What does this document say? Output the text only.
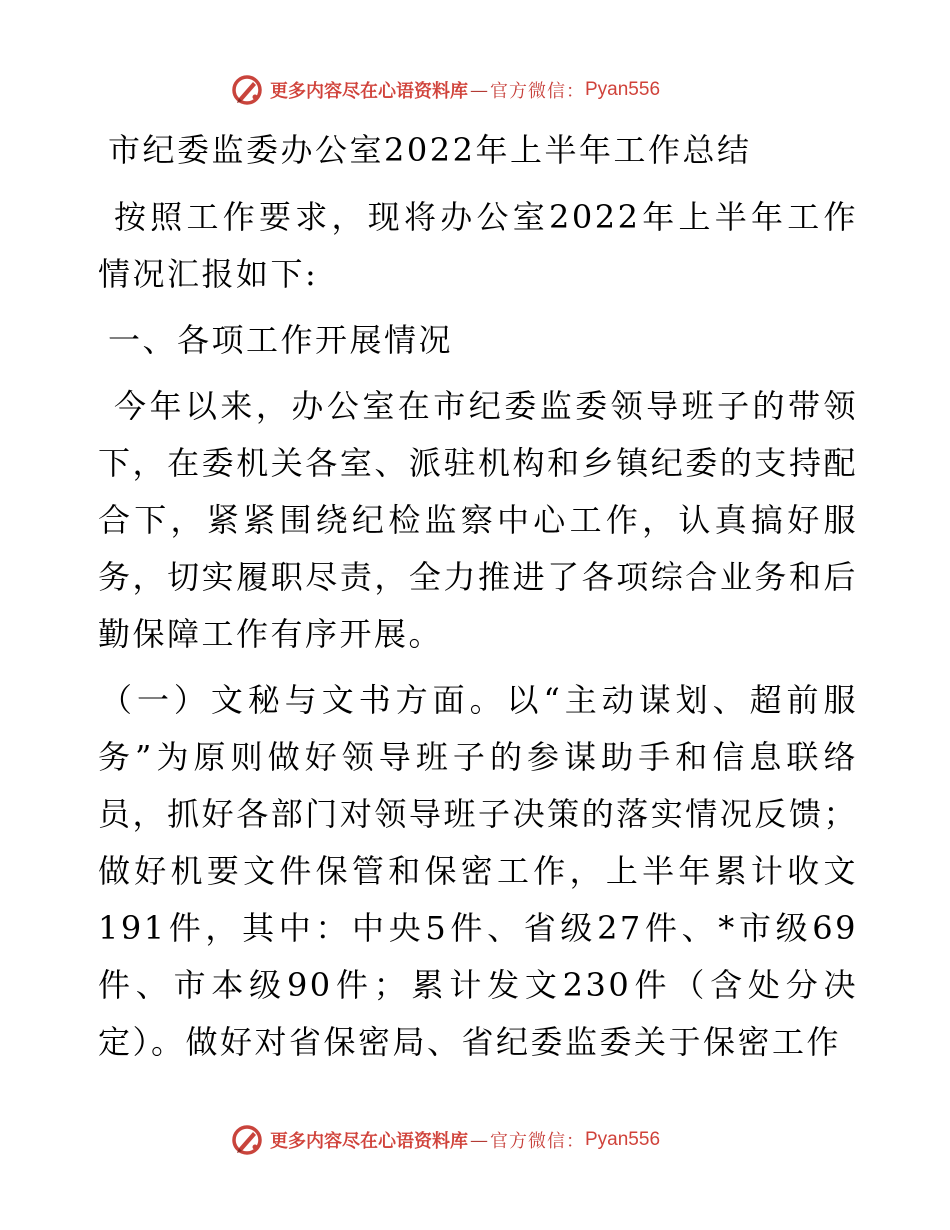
更多内容尽在心语资料库 — 官方微信： Pyan556

市纪委监委办公室2022年上半年工作总结

按照工作要求，现将办公室2022年上半年工作情况汇报如下:

一、各项工作开展情况

今年以来，办公室在市纪委监委领导班子的带领下，在委机关各室、派驻机构和乡镇纪委的支持配合下，紧紧围绕纪检监察中心工作，认真搞好服务，切实履职尽责，全力推进了各项综合业务和后勤保障工作有序开展。

（一）文秘与文书方面。以“主动谋划、超前服务”为原则做好领导班子的参谋助手和信息联络员，抓好各部门对领导班子决策的落实情况反馈；做好机要文件保管和保密工作，上半年累计收文191件，其中：中央5件、省级27件、*市级69件、市本级90件；累计发文230件（含处分决定）。做好对省保密局、省纪委监委关于保密工作

更多内容尽在心语资料库 — 官方微信： Pyan556
